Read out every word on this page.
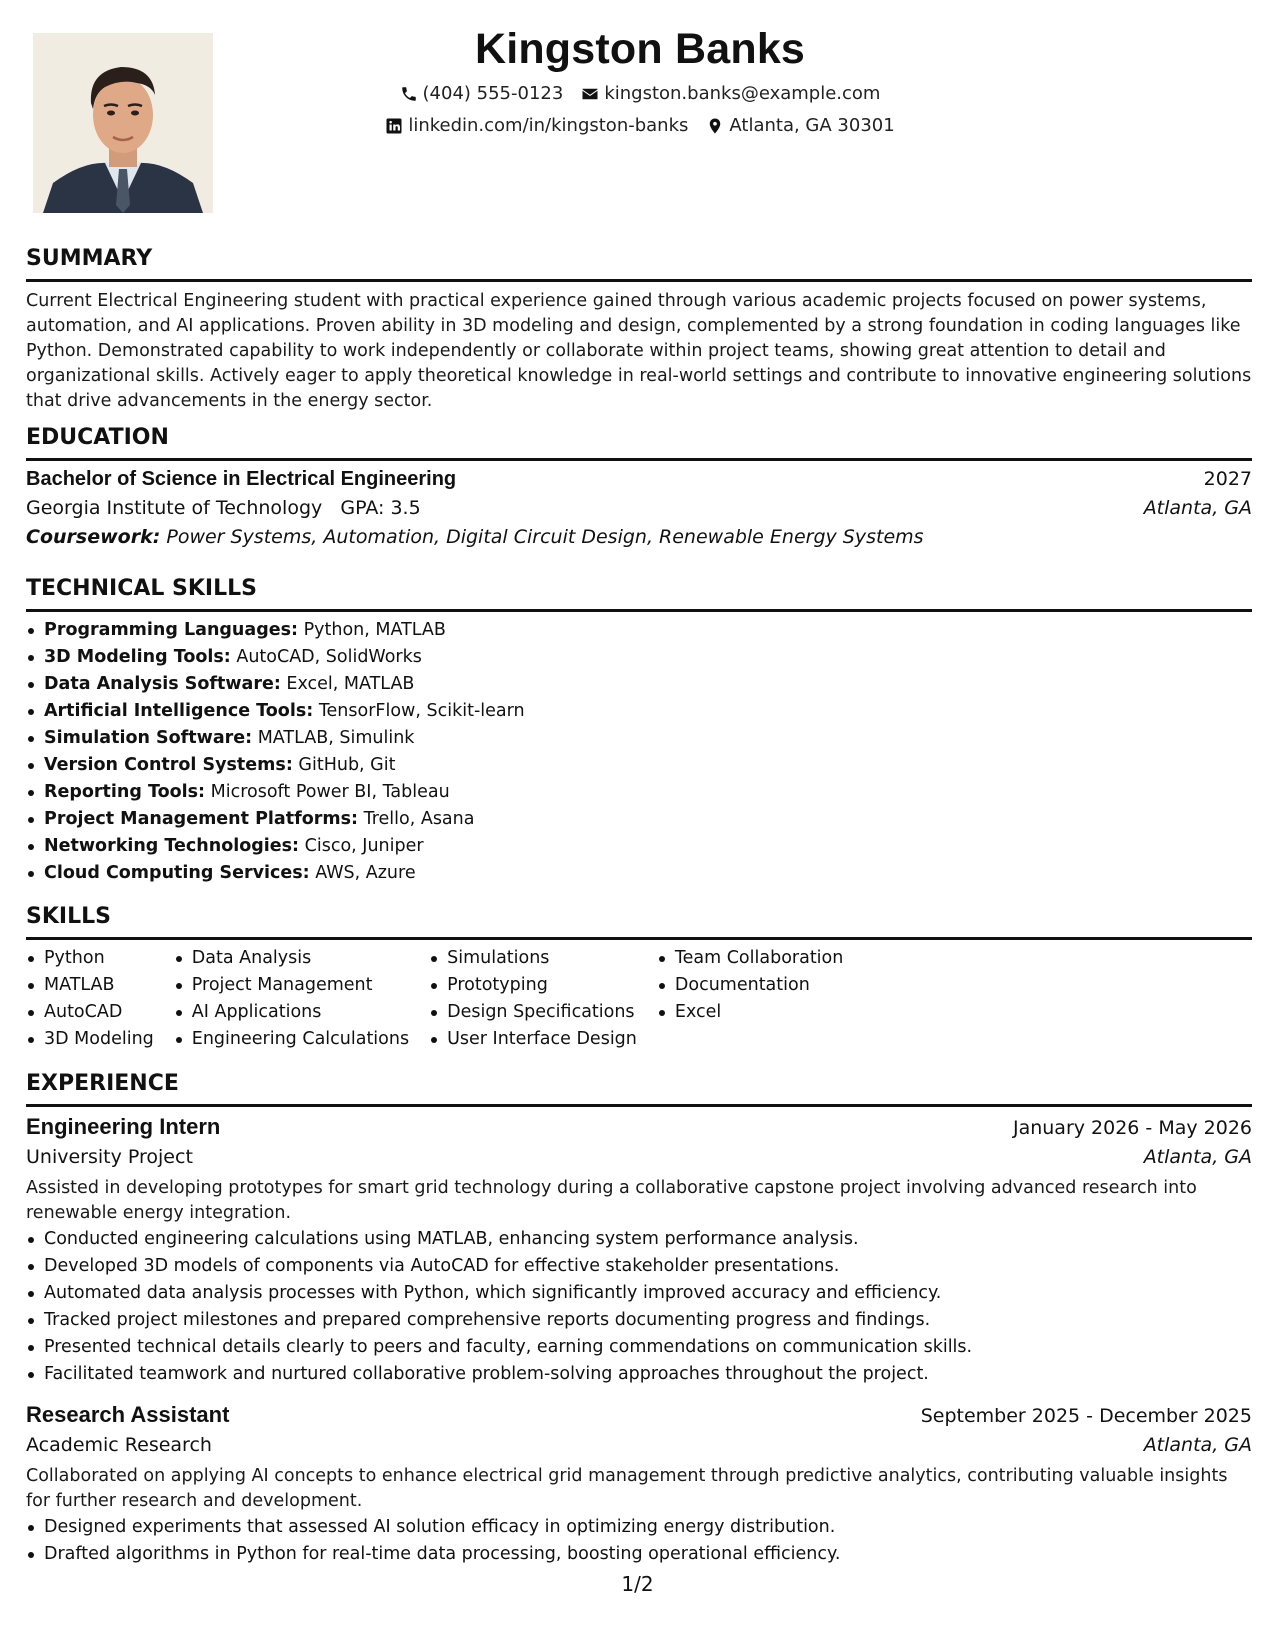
Kingston Banks
(404) 555-0123 kingston.banks@example.com
linkedin.com/in/kingston-banks Atlanta, GA 30301
SUMMARY

Current Electrical Engineering student with practical experience gained through various academic projects focused on power systems, automation, and AI applications. Proven ability in 3D modeling and design, complemented by a strong foundation in coding languages like Python. Demonstrated capability to work independently or collaborate within project teams, showing great attention to detail and organizational skills. Actively eager to apply theoretical knowledge in real-world settings and contribute to innovative engineering solutions that drive advancements in the energy sector.

EDUCATION
Bachelor of Science in Electrical Engineering	2027
Georgia Institute of Technology GPA: 3.5	Atlanta, GA
Coursework: Power Systems, Automation, Digital Circuit Design, Renewable Energy Systems
TECHNICAL SKILLS
Programming Languages: Python, MATLAB
3D Modeling Tools: AutoCAD, SolidWorks
Data Analysis Software: Excel, MATLAB
Artificial Intelligence Tools: TensorFlow, Scikit-learn
Simulation Software: MATLAB, Simulink
Version Control Systems: GitHub, Git
Reporting Tools: Microsoft Power BI, Tableau
Project Management Platforms: Trello, Asana
Networking Technologies: Cisco, Juniper
Cloud Computing Services: AWS, Azure
SKILLS
Python
MATLAB
AutoCAD
3D Modeling
Data Analysis
Project Management
AI Applications
Engineering Calculations
Simulations
Prototyping
Design Specifications
User Interface Design
Team Collaboration
Documentation
Excel
EXPERIENCE
Engineering Intern	January 2026 - May 2026
University Project	Atlanta, GA

Assisted in developing prototypes for smart grid technology during a collaborative capstone project involving advanced research into renewable energy integration.

Conducted engineering calculations using MATLAB, enhancing system performance analysis.
Developed 3D models of components via AutoCAD for effective stakeholder presentations.
Automated data analysis processes with Python, which significantly improved accuracy and efficiency.
Tracked project milestones and prepared comprehensive reports documenting progress and findings.
Presented technical details clearly to peers and faculty, earning commendations on communication skills.
Facilitated teamwork and nurtured collaborative problem-solving approaches throughout the project.
Research Assistant	September 2025 - December 2025
Academic Research	Atlanta, GA

Collaborated on applying AI concepts to enhance electrical grid management through predictive analytics, contributing valuable insights for further research and development.

Designed experiments that assessed AI solution efficacy in optimizing energy distribution.
Drafted algorithms in Python for real-time data processing, boosting operational efficiency.
1/2
